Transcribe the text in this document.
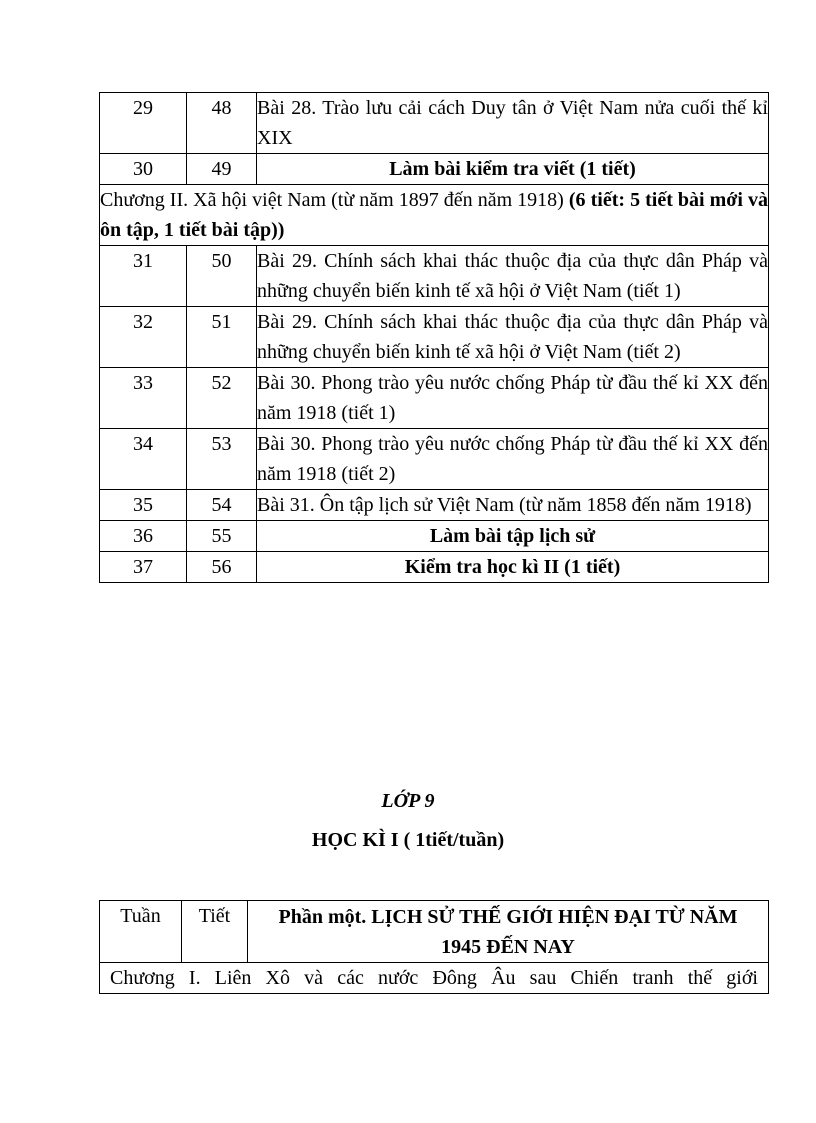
29	48	Bài 28. Trào lưu cải cách Duy tân ở Việt Nam nửa cuối thế kỉ XIX
30	49	Làm bài kiểm tra viết (1 tiết)
Chương II. Xã hội việt Nam (từ năm 1897 đến năm 1918) (6 tiết: 5 tiết bài mới và ôn tập, 1 tiết bài tập))		
31	50	Bài 29. Chính sách khai thác thuộc địa của thực dân Pháp và những chuyển biến kinh tế xã hội ở Việt Nam (tiết 1)
32	51	Bài 29. Chính sách khai thác thuộc địa của thực dân Pháp và những chuyển biến kinh tế xã hội ở Việt Nam (tiết 2)
33	52	Bài 30. Phong trào yêu nước chống Pháp từ đầu thế kỉ XX đến năm 1918 (tiết 1)
34	53	Bài 30. Phong trào yêu nước chống Pháp từ đầu thế kỉ XX đến năm 1918 (tiết 2)
35	54	Bài 31. Ôn tập lịch sử Việt Nam (từ năm 1858 đến năm 1918)
36	55	Làm bài tập lịch sử
37	56	Kiểm tra học kì II (1 tiết)
LỚP 9
HỌC KÌ I ( 1tiết/tuần)
Tuần	Tiết	Phần một. LỊCH SỬ THẾ GIỚI HIỆN ĐẠI TỪ NĂM 1945 ĐẾN NAY
Chương I. Liên Xô và các nước Đông Âu sau Chiến tranh thế giới
